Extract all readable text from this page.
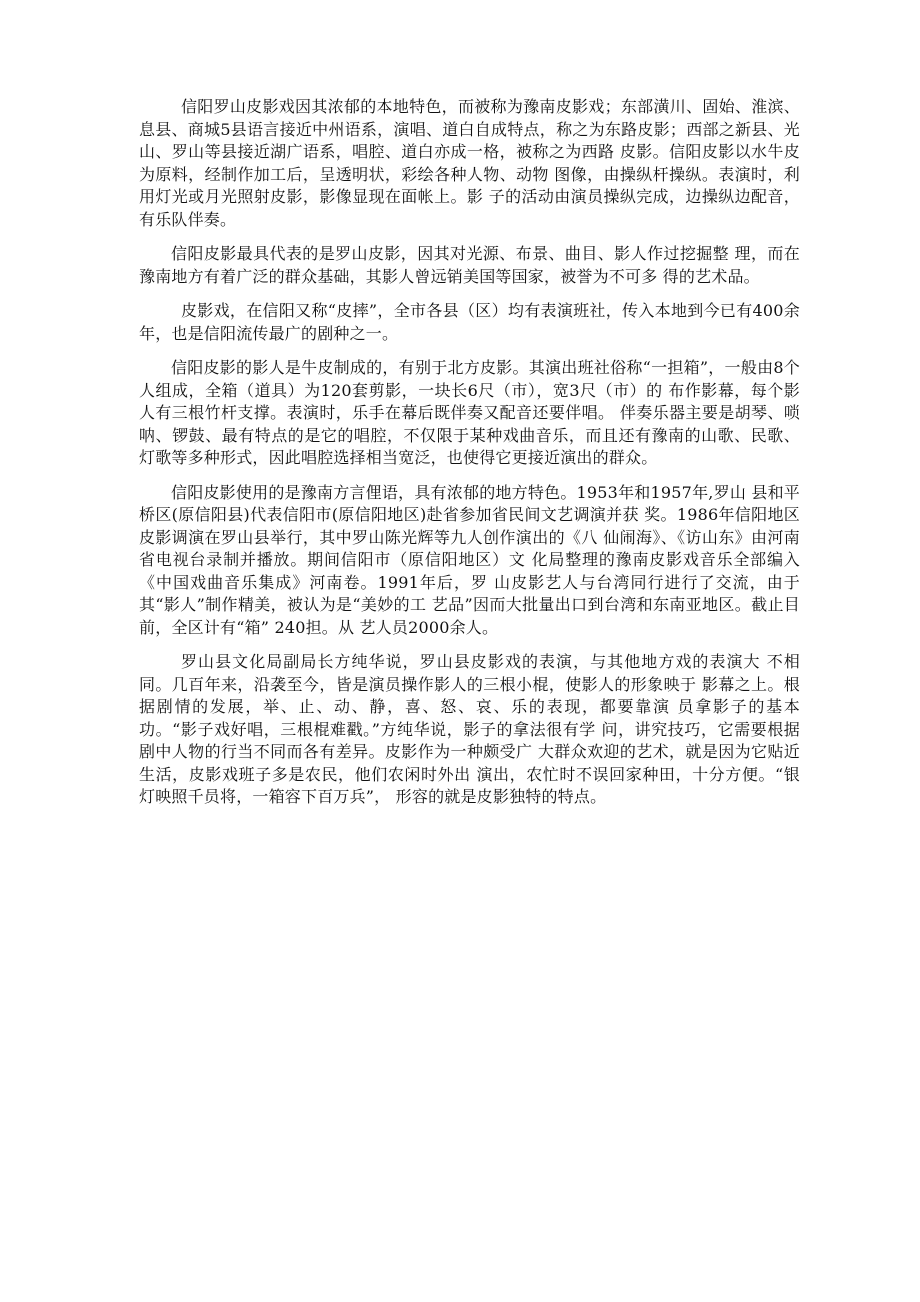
信阳罗山皮影戏因其浓郁的本地特色，而被称为豫南皮影戏；东部潢川、固始、淮滨、息县、商城5县语言接近中州语系，演唱、道白自成特点，称之为东路皮影；西部之新县、光山、罗山等县接近湖广语系，唱腔、道白亦成一格，被称之为西路 皮影。信阳皮影以水牛皮为原料，经制作加工后，呈透明状，彩绘各种人物、动物 图像，由操纵杆操纵。表演时，利用灯光或月光照射皮影，影像显现在面帐上。影 子的活动由演员操纵完成，边操纵边配音，有乐队伴奏。

信阳皮影最具代表的是罗山皮影，因其对光源、布景、曲目、影人作过挖掘整 理，而在豫南地方有着广泛的群众基础，其影人曾远销美国等国家，被誉为不可多 得的艺术品。

皮影戏，在信阳又称“皮摔”，全市各县（区）均有表演班社，传入本地到今已有400余年，也是信阳流传最广的剧种之一。

信阳皮影的影人是牛皮制成的，有别于北方皮影。其演出班社俗称“一担箱”，一般由8个人组成，全箱（道具）为120套剪影，一块长6尺（市），宽3尺（市）的 布作影幕，每个影人有三根竹杆支撑。表演时，乐手在幕后既伴奏又配音还要伴唱。 伴奏乐器主要是胡琴、唢呐、锣鼓、最有特点的是它的唱腔，不仅限于某种戏曲音乐，而且还有豫南的山歌、民歌、灯歌等多种形式，因此唱腔选择相当宽泛，也使得它更接近演出的群众。

信阳皮影使用的是豫南方言俚语，具有浓郁的地方特色。1953年和1957年,罗山 县和平桥区(原信阳县)代表信阳市(原信阳地区)赴省参加省民间文艺调演并获 奖。1986年信阳地区皮影调演在罗山县举行，其中罗山陈光辉等九人创作演出的《八 仙闹海》、《访山东》由河南省电视台录制并播放。期间信阳市（原信阳地区）文 化局整理的豫南皮影戏音乐全部编入《中国戏曲音乐集成》河南卷。1991年后，罗 山皮影艺人与台湾同行进行了交流，由于其“影人”制作精美，被认为是“美妙的工 艺品”因而大批量出口到台湾和东南亚地区。截止目前，全区计有“箱” 240担。从 艺人员2000余人。

罗山县文化局副局长方纯华说，罗山县皮影戏的表演，与其他地方戏的表演大 不相同。几百年来，沿袭至今，皆是演员操作影人的三根小棍，使影人的形象映于 影幕之上。根据剧情的发展，举、止、动、静，喜、怒、哀、乐的表现，都要靠演 员拿影子的基本功。“影子戏好唱，三根棍难戳。”方纯华说，影子的拿法很有学 问，讲究技巧，它需要根据剧中人物的行当不同而各有差异。皮影作为一种颇受广 大群众欢迎的艺术，就是因为它贴近生活，皮影戏班子多是农民，他们农闲时外出 演出，农忙时不误回家种田，十分方便。“银灯映照千员将，一箱容下百万兵”， 形容的就是皮影独特的特点。
